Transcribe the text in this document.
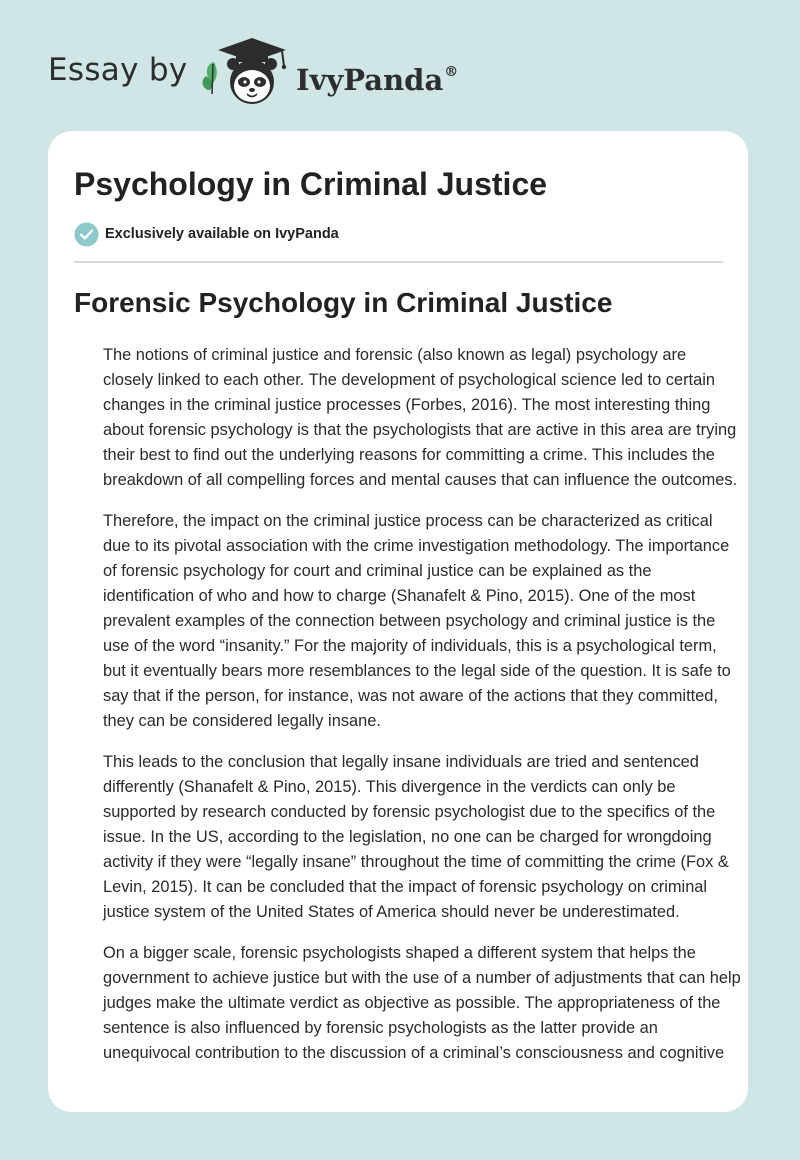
Essay by	IvyPanda®
Psychology in Criminal Justice
Exclusively available on IvyPanda
Forensic Psychology in Criminal Justice

The notions of criminal justice and forensic (also known as legal) psychology are
closely linked to each other. The development of psychological science led to certain
changes in the criminal justice processes (Forbes, 2016). The most interesting thing
about forensic psychology is that the psychologists that are active in this area are trying
their best to find out the underlying reasons for committing a crime. This includes the
breakdown of all compelling forces and mental causes that can influence the outcomes.

Therefore, the impact on the criminal justice process can be characterized as critical
due to its pivotal association with the crime investigation methodology. The importance
of forensic psychology for court and criminal justice can be explained as the
identification of who and how to charge (Shanafelt & Pino, 2015). One of the most
prevalent examples of the connection between psychology and criminal justice is the
use of the word “insanity.” For the majority of individuals, this is a psychological term,
but it eventually bears more resemblances to the legal side of the question. It is safe to
say that if the person, for instance, was not aware of the actions that they committed,
they can be considered legally insane.

This leads to the conclusion that legally insane individuals are tried and sentenced
differently (Shanafelt & Pino, 2015). This divergence in the verdicts can only be
supported by research conducted by forensic psychologist due to the specifics of the
issue. In the US, according to the legislation, no one can be charged for wrongdoing
activity if they were “legally insane” throughout the time of committing the crime (Fox &
Levin, 2015). It can be concluded that the impact of forensic psychology on criminal
justice system of the United States of America should never be underestimated.

On a bigger scale, forensic psychologists shaped a different system that helps the
government to achieve justice but with the use of a number of adjustments that can help
judges make the ultimate verdict as objective as possible. The appropriateness of the
sentence is also influenced by forensic psychologists as the latter provide an
unequivocal contribution to the discussion of a criminal’s consciousness and cognitive
